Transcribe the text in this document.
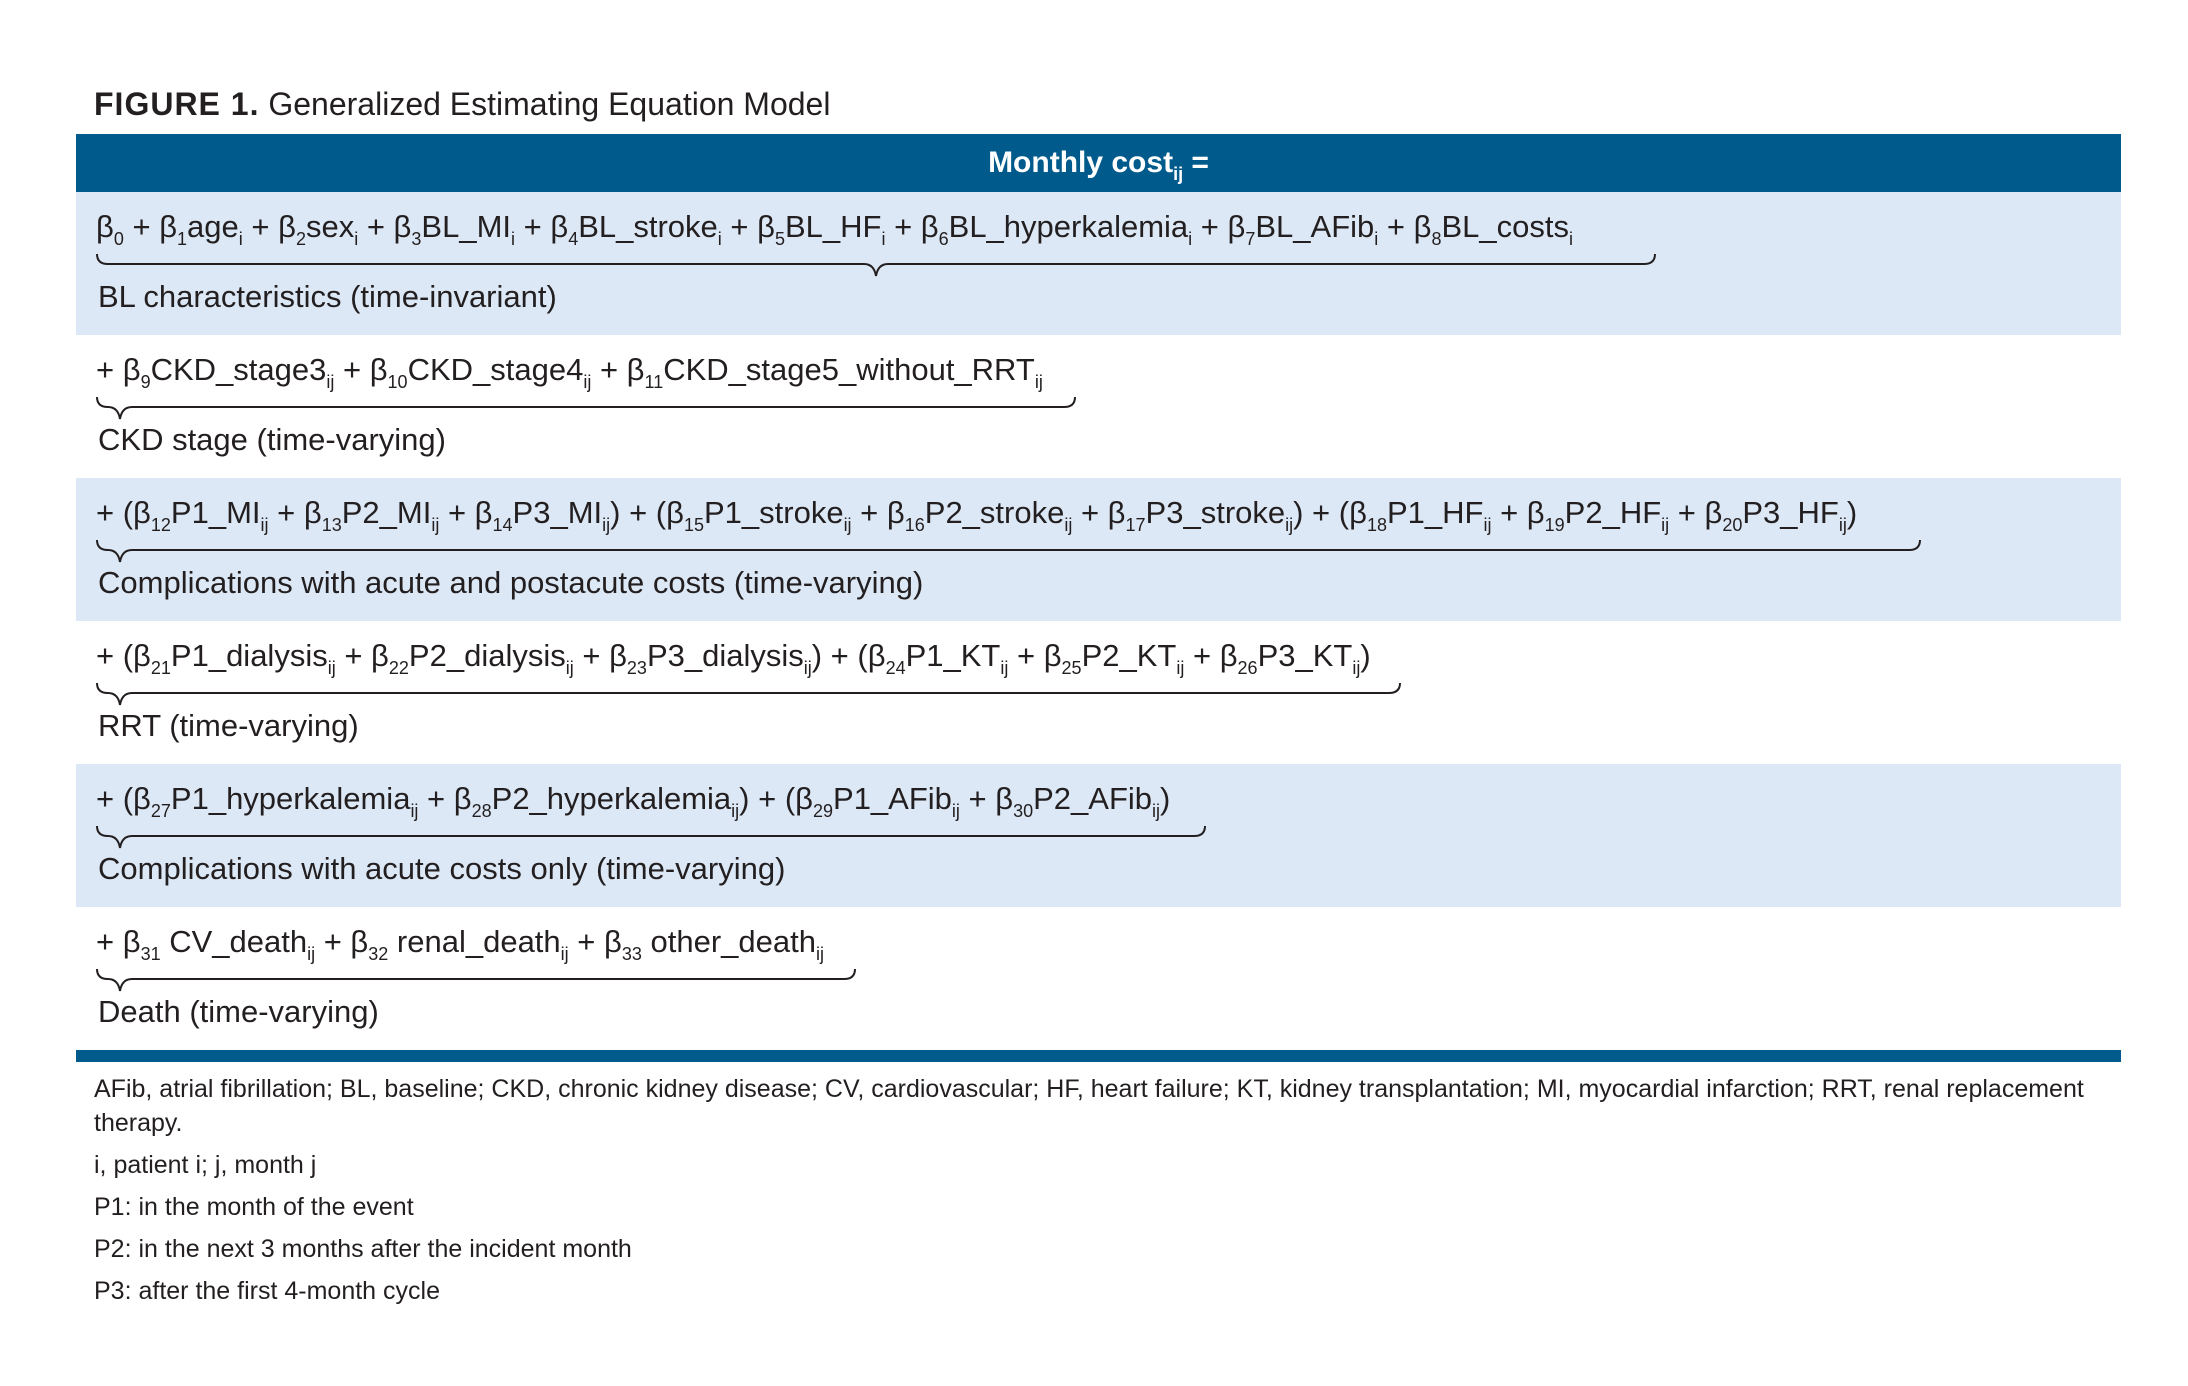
FIGURE 1. Generalized Estimating Equation Model
Monthly cost$_{ij}$ =
$\beta_0 + \beta_1age_i + \beta_2sex_i$ + $\beta_3BL\_MI_i$ + $\beta_4BL\_stroke_i$ + $\beta_5BL\_HF_i$ + $\beta_6BL\_hyperkalemia_i$ + $\beta_7BL\_AFib_i$ + $\beta_8BL\_costs_i$
BL characteristics (time-invariant)
+ $\beta_9CKD\_stage3_{ij}$ + $\beta_{10}CKD\_stage4_{ij}$ + $\beta_{11}CKD\_stage5\_without\_RRT_{ij}$
CKD stage (time-varying)
+ ($\beta_{12}P1\_MI_{ij}$ + $\beta_{13}P2\_MI_{ij}$ + $\beta_{14}P3\_MI_{ij}$) + ($\beta_{15}P1\_stroke_{ij}$ + $\beta_{16}P2\_stroke_{ij}$ + $\beta_{17}P3\_stroke_{ij}$) + ($\beta_{18}P1\_HF_{ij}$ + $\beta_{19}P2\_HF_{ij}$ + $\beta_{20}P3\_HF_{ij}$)
Complications with acute and postacute costs (time-varying)
+ ($\beta_{21}P1\_dialysis_{ij}$ + $\beta_{22}P2\_dialysis_{ij}$ + $\beta_{23}P3\_dialysis_{ij}$) + ($\beta_{24}P1\_KT_{ij}$ + $\beta_{25}P2\_KT_{ij}$ + $\beta_{26}P3\_KT_{ij}$)
RRT (time-varying)
+ ($\beta_{27}P1\_hyperkalemia_{ij}$ + $\beta_{28}P2\_hyperkalemia_{ij}$) + ($\beta_{29}P1\_AFib_{ij}$ + $\beta_{30}P2\_AFib_{ij}$)
Complications with acute costs only (time-varying)
+ $\beta_{31}$ CV_death$_{ij}$ + $\beta_{32}$ renal_death$_{ij}$ + $\beta_{33}$ other_death$_{ij}$
Death (time-varying)

AFib, atrial fibrillation; BL, baseline; CKD, chronic kidney disease; CV, cardiovascular; HF, heart failure; KT, kidney transplantation; MI, myocardial infarction; RRT, renal replacement therapy.

i, patient i; j, month j

P1: in the month of the event

P2: in the next 3 months after the incident month

P3: after the first 4-month cycle
